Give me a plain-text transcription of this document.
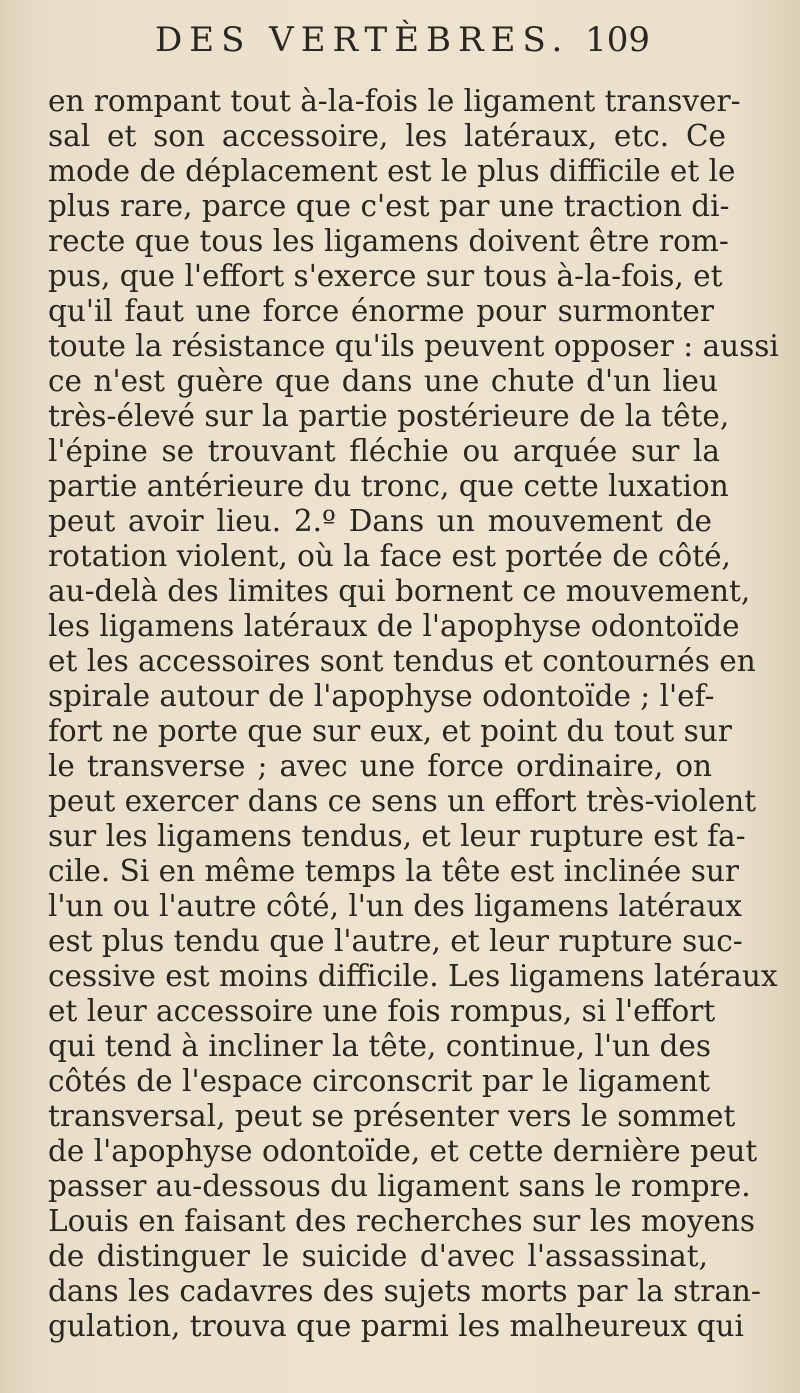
DES VERTÈBRES. 109
en rompant tout à-la-fois le ligament transver-
sal et son accessoire, les latéraux, etc. Ce
mode de déplacement est le plus difficile et le
plus rare, parce que c'est par une traction di-
recte que tous les ligamens doivent être rom-
pus, que l'effort s'exerce sur tous à-la-fois, et
qu'il faut une force énorme pour surmonter
toute la résistance qu'ils peuvent opposer : aussi
ce n'est guère que dans une chute d'un lieu
très-élevé sur la partie postérieure de la tête,
l'épine se trouvant fléchie ou arquée sur la
partie antérieure du tronc, que cette luxation
peut avoir lieu. 2.º Dans un mouvement de
rotation violent, où la face est portée de côté,
au-delà des limites qui bornent ce mouvement,
les ligamens latéraux de l'apophyse odontoïde
et les accessoires sont tendus et contournés en
spirale autour de l'apophyse odontoïde ; l'ef-
fort ne porte que sur eux, et point du tout sur
le transverse ; avec une force ordinaire, on
peut exercer dans ce sens un effort très-violent
sur les ligamens tendus, et leur rupture est fa-
cile. Si en même temps la tête est inclinée sur
l'un ou l'autre côté, l'un des ligamens latéraux
est plus tendu que l'autre, et leur rupture suc-
cessive est moins difficile. Les ligamens latéraux
et leur accessoire une fois rompus, si l'effort
qui tend à incliner la tête, continue, l'un des
côtés de l'espace circonscrit par le ligament
transversal, peut se présenter vers le sommet
de l'apophyse odontoïde, et cette dernière peut
passer au-dessous du ligament sans le rompre.
Louis en faisant des recherches sur les moyens
de distinguer le suicide d'avec l'assassinat,
dans les cadavres des sujets morts par la stran-
gulation, trouva que parmi les malheureux qui
